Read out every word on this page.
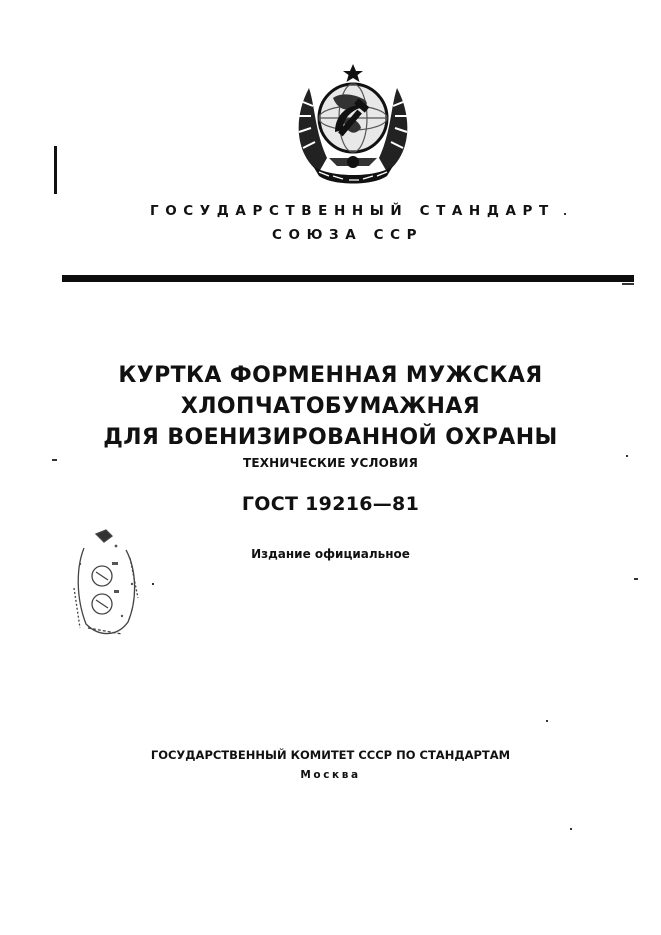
ГОСУДАРСТВЕННЫЙ СТАНДАРТ
СОЮЗА ССР
КУРТКА ФОРМЕННАЯ МУЖСКАЯ
ХЛОПЧАТОБУМАЖНАЯ
ДЛЯ ВОЕНИЗИРОВАННОЙ ОХРАНЫ
ТЕХНИЧЕСКИЕ УСЛОВИЯ
ГОСТ 19216—81
Издание официальное
ГОСУДАРСТВЕННЫЙ КОМИТЕТ СССР ПО СТАНДАРТАМ
Москва
